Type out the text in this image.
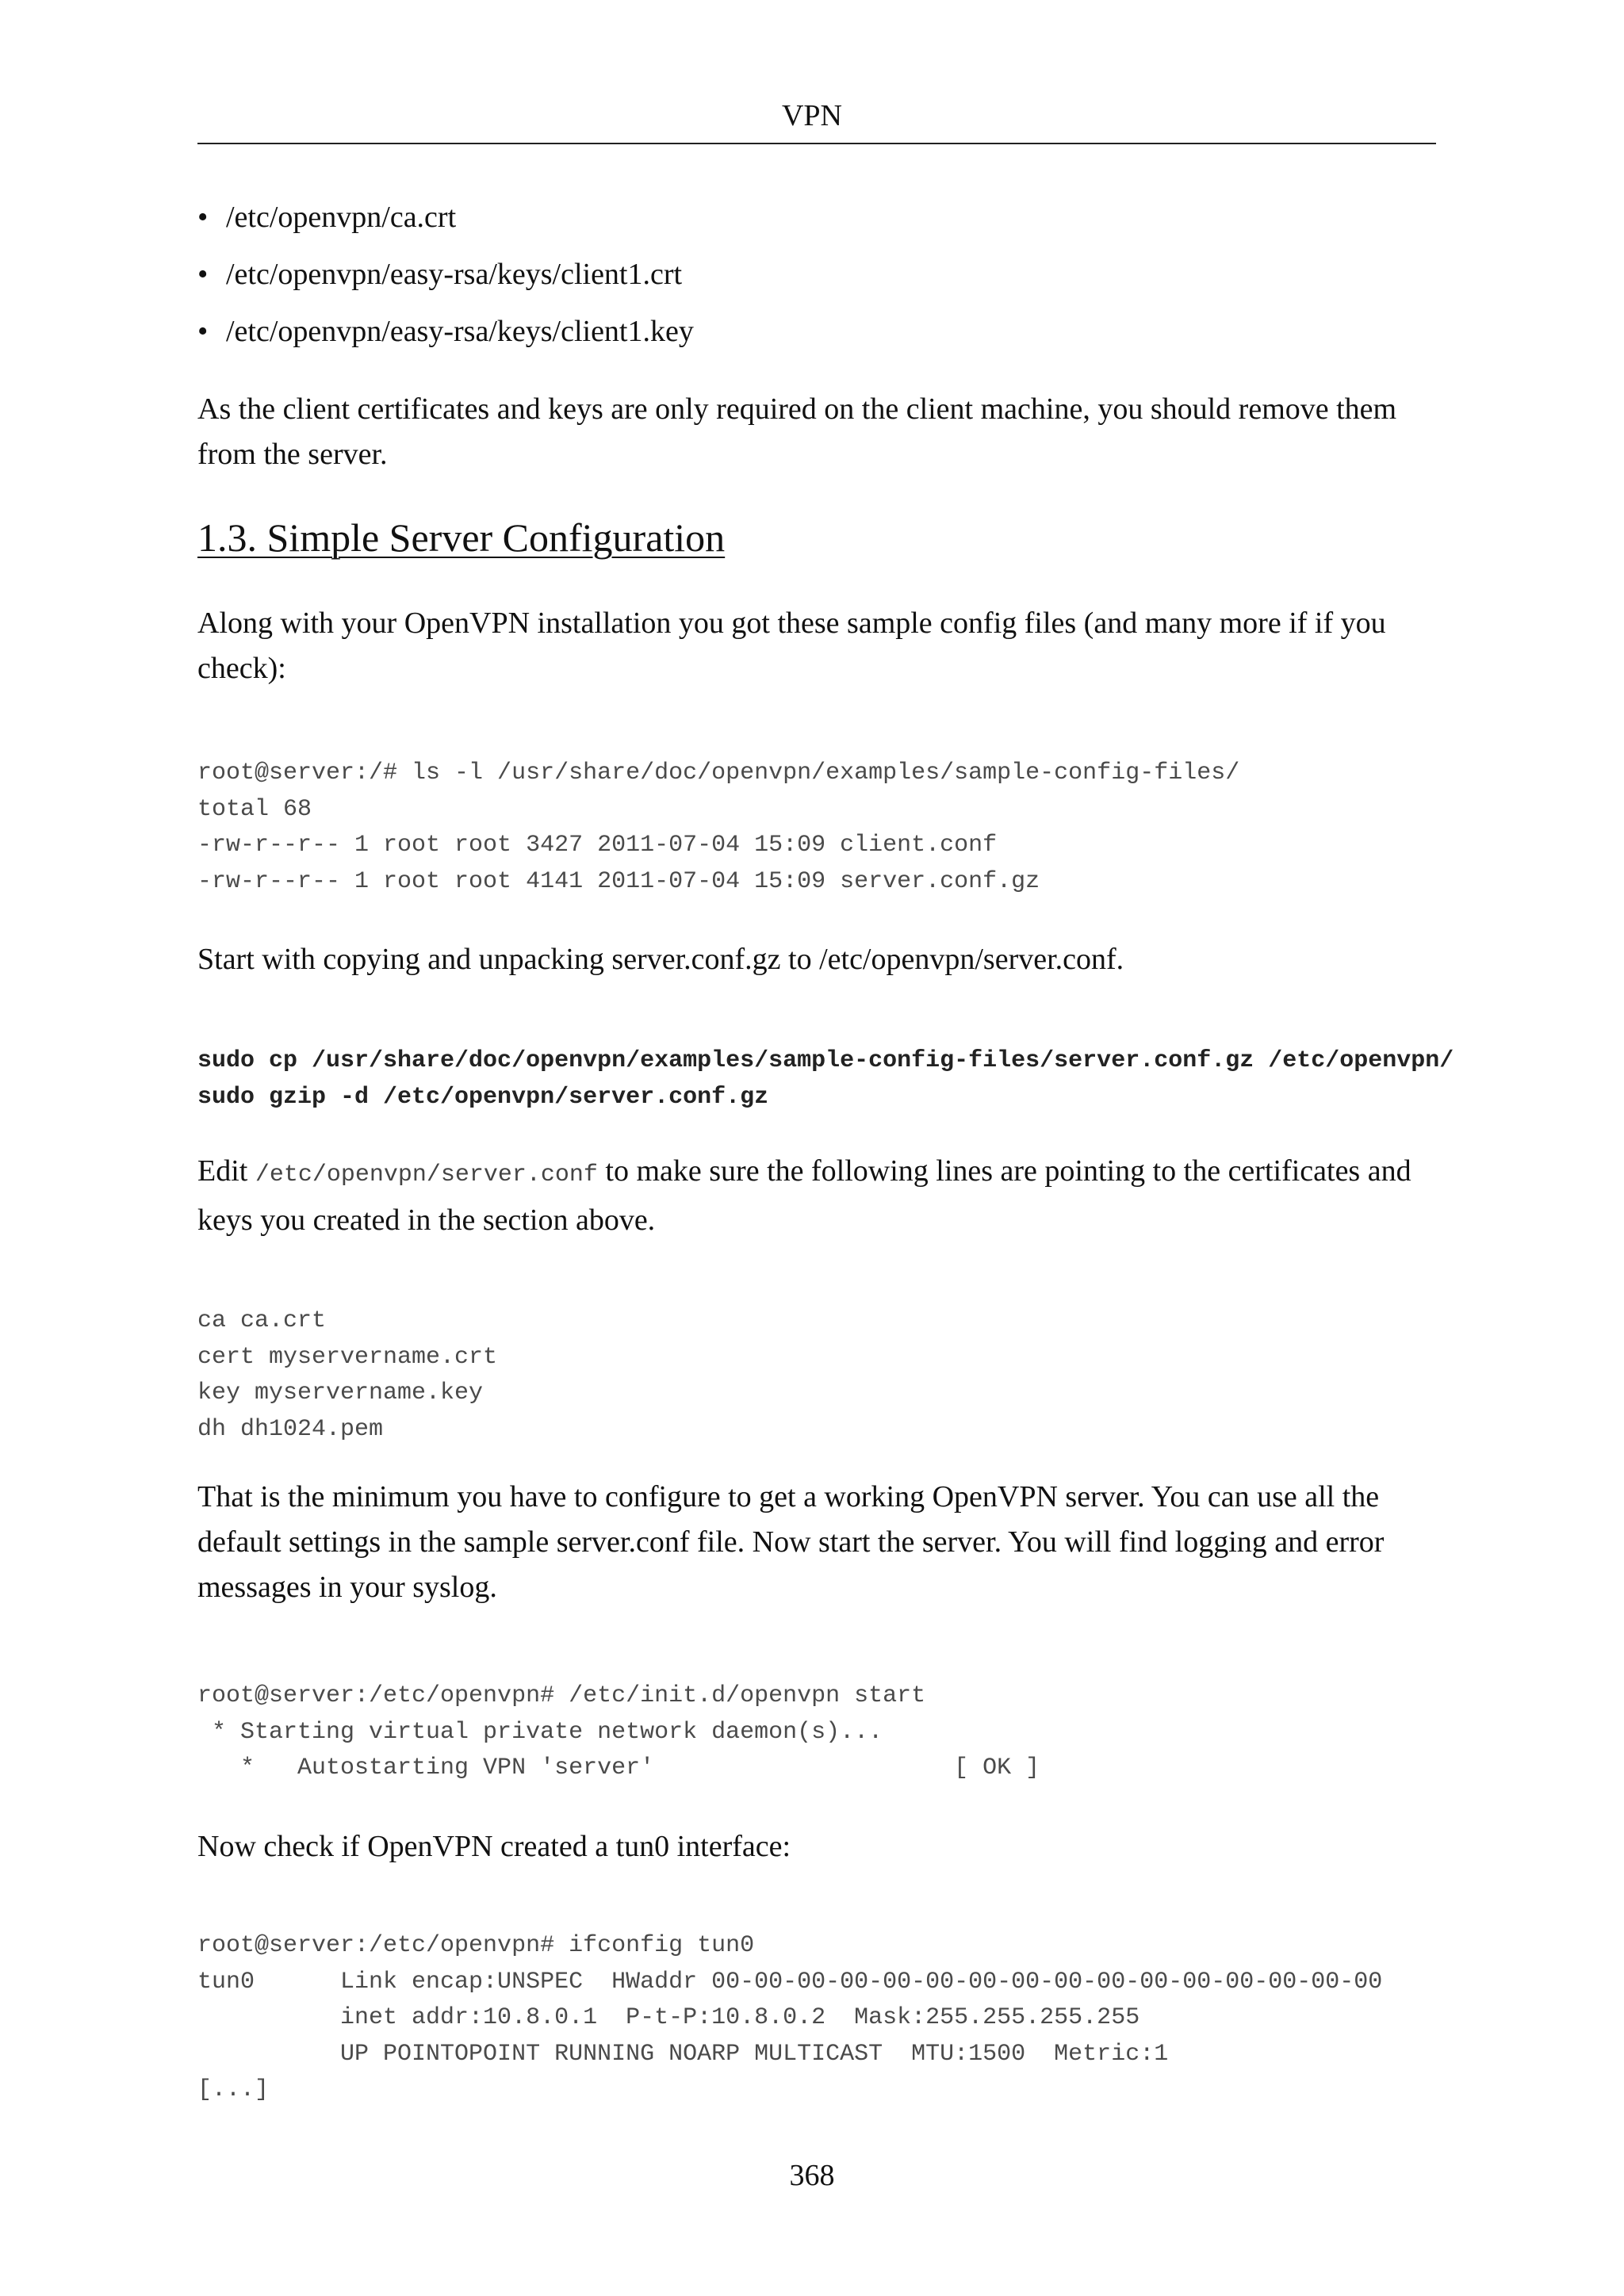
VPN
• /etc/openvpn/ca.crt
• /etc/openvpn/easy-rsa/keys/client1.crt
• /etc/openvpn/easy-rsa/keys/client1.key
As the client certificates and keys are only required on the client machine, you should remove them
from the server.
1.3. Simple Server Configuration
Along with your OpenVPN installation you got these sample config files (and many more if if you
check):
root@server:/# ls -l /usr/share/doc/openvpn/examples/sample-config-files/
total 68
-rw-r--r-- 1 root root 3427 2011-07-04 15:09 client.conf
-rw-r--r-- 1 root root 4141 2011-07-04 15:09 server.conf.gz
Start with copying and unpacking server.conf.gz to /etc/openvpn/server.conf.
sudo cp /usr/share/doc/openvpn/examples/sample-config-files/server.conf.gz /etc/openvpn/
sudo gzip -d /etc/openvpn/server.conf.gz
Edit /etc/openvpn/server.conf to make sure the following lines are pointing to the certificates and
keys you created in the section above.
ca ca.crt
cert myservername.crt
key myservername.key
dh dh1024.pem
That is the minimum you have to configure to get a working OpenVPN server. You can use all the
default settings in the sample server.conf file. Now start the server. You will find logging and error
messages in your syslog.
root@server:/etc/openvpn# /etc/init.d/openvpn start
* Starting virtual private network daemon(s)...
*   Autostarting VPN 'server'                     [ OK ]
Now check if OpenVPN created a tun0 interface:
root@server:/etc/openvpn# ifconfig tun0
tun0      Link encap:UNSPEC  HWaddr 00-00-00-00-00-00-00-00-00-00-00-00-00-00-00-00
inet addr:10.8.0.1  P-t-P:10.8.0.2  Mask:255.255.255.255
UP POINTOPOINT RUNNING NOARP MULTICAST  MTU:1500  Metric:1
[...]
368
